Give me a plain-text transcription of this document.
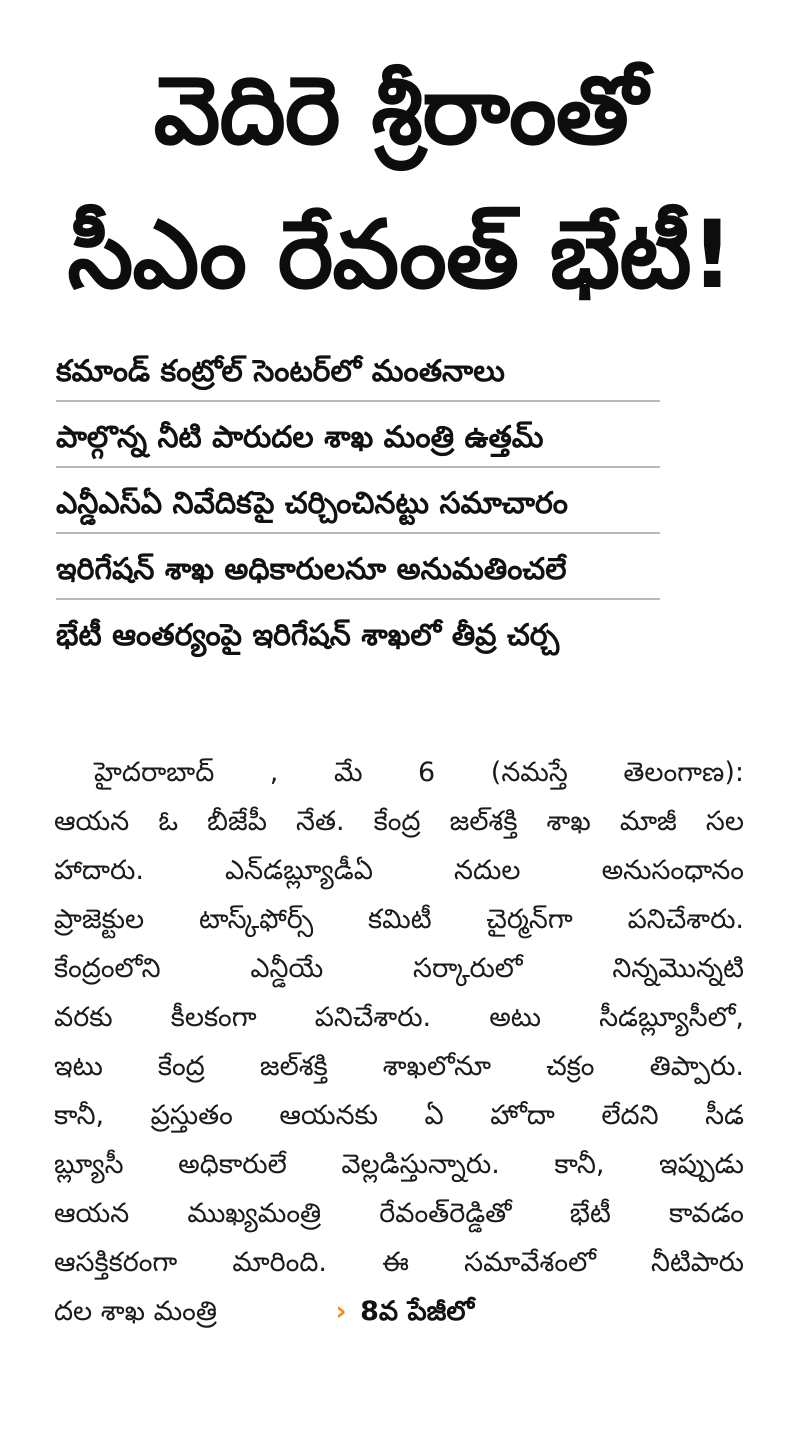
వెదిరె శ్రీరాంతో
సీఎం రేవంత్ భేటీ!
కమాండ్ కంట్రోల్ సెంటర్‌లో మంతనాలు
పాల్గొన్న నీటి పారుదల శాఖ మంత్రి ఉత్తమ్
ఎన్డీఎస్‌ఏ నివేదికపై చర్చించినట్టు సమాచారం
ఇరిగేషన్ శాఖ అధికారులనూ అనుమతించలే
భేటీ ఆంతర్యంపై ఇరిగేషన్ శాఖలో తీవ్ర చర్చ
హైదరాబాద్ , మే 6 (నమస్తే తెలంగాణ):
ఆయన ఓ బీజేపీ నేత. కేంద్ర జల్‌శక్తి శాఖ మాజీ సల
హాదారు. ఎన్‌డబ్ల్యూడీఏ నదుల అనుసంధానం
ప్రాజెక్టుల టాస్క్‌ఫోర్స్ కమిటీ చైర్మన్‌గా పనిచేశారు.
కేంద్రంలోని ఎన్డీయే సర్కారులో నిన్నమొన్నటి
వరకు కీలకంగా పనిచేశారు. అటు సీడబ్ల్యూసీలో,
ఇటు కేంద్ర జల్‌శక్తి శాఖలోనూ చక్రం తిప్పారు.
కానీ, ప్రస్తుతం ఆయనకు ఏ హోదా లేదని సీడ
బ్ల్యూసీ అధికారులే వెల్లడిస్తున్నారు. కానీ, ఇప్పుడు
ఆయన ముఖ్యమంత్రి రేవంత్‌రెడ్డితో భేటీ కావడం
ఆసక్తికరంగా మారింది. ఈ సమావేశంలో నీటిపారు
దల శాఖ మంత్రి	› 8వ పేజీలో
